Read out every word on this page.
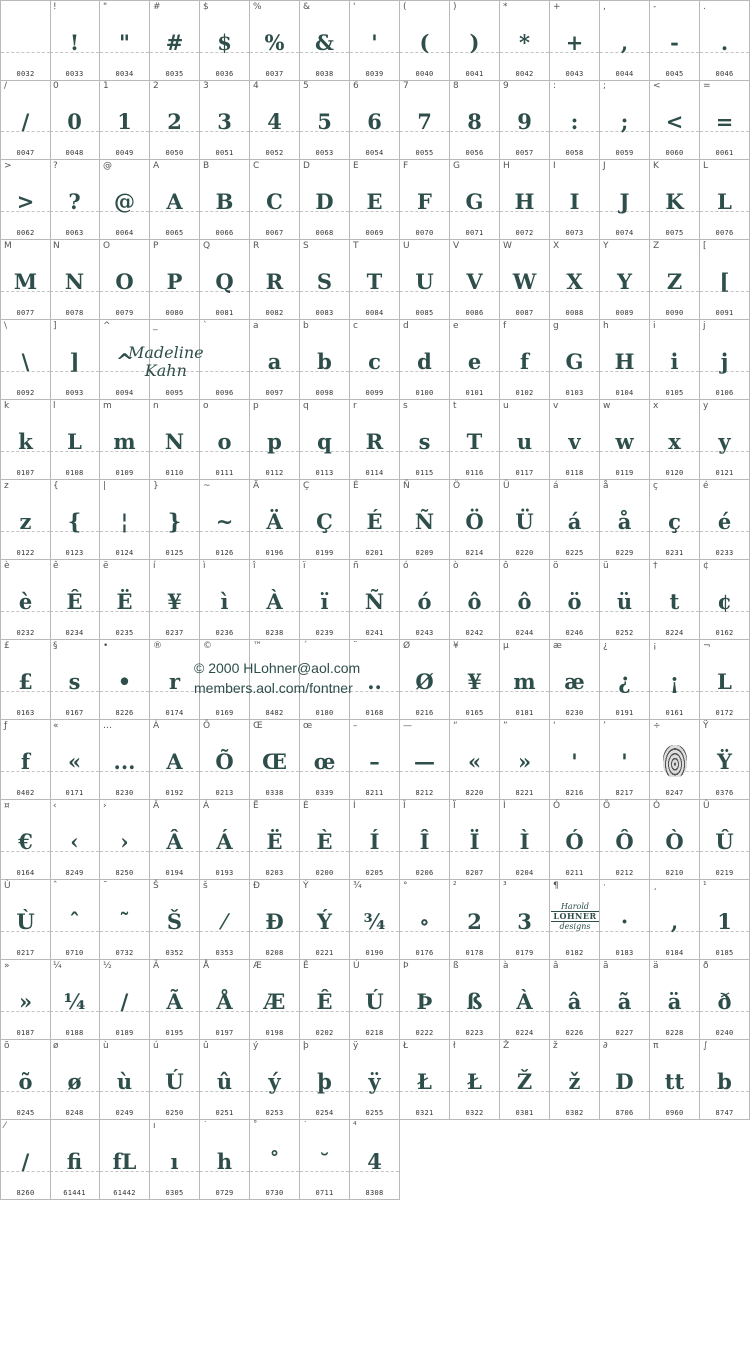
0032
!
!
0033
"
"
0034
#
#
0035
$
$
0036
%
%
0037
&
&
0038
'
'
0039
(
(
0040
)
)
0041
*
*
0042
+
+
0043
,
,
0044
-
-
0045
.
.
0046
/
/
0047
0
0
0048
1
1
0049
2
2
0050
3
3
0051
4
4
0052
5
5
0053
6
6
0054
7
7
0055
8
8
0056
9
9
0057
:
:
0058
;
;
0059
<
<
0060
=
=
0061
>
>
0062
?
?
0063
@
@
0064
A
A
0065
B
B
0066
C
C
0067
D
D
0068
E
E
0069
F
F
0070
G
G
0071
H
H
0072
I
I
0073
J
J
0074
K
K
0075
L
L
0076
M
M
0077
N
N
0078
O
O
0079
P
P
0080
Q
Q
0081
R
R
0082
S
S
0083
T
T
0084
U
U
0085
V
V
0086
W
W
0087
X
X
0088
Y
Y
0089
Z
Z
0090
[
[
0091
\
\
0092
]
]
0093
^
^
0094
_
0095
`
0096
a
a
0097
b
b
0098
c
c
0099
d
d
0100
e
e
0101
f
f
0102
g
G
0103
h
H
0104
i
i
0105
j
j
0106
k
k
0107
l
L
0108
m
m
0109
n
N
0110
o
o
0111
p
p
0112
q
q
0113
r
R
0114
s
s
0115
t
T
0116
u
u
0117
v
v
0118
w
w
0119
x
x
0120
y
y
0121
z
z
0122
{
{
0123
|
¦
0124
}
}
0125
~
~
0126
Ä
Ä
0196
Ç
Ç
0199
É
É
0201
Ñ
Ñ
0209
Ö
Ö
0214
Ü
Ü
0220
á
á
0225
å
å
0229
ç
ç
0231
é
é
0233
è
è
0232
ê
Ê
0234
ë
Ë
0235
í
¥
0237
ì
ì
0236
î
À
0238
ï
ï
0239
ñ
Ñ
0241
ó
ó
0243
ò
ô
0242
ô
ô
0244
ö
ö
0246
ü
ü
0252
†
t
8224
¢
¢
0162
£
£
0163
§
s
0167
•
•
8226
®
r
0174
©
0169
™
8482
´
0180
¨
..
0168
Ø
Ø
0216
¥
¥
0165
µ
m
0181
æ
æ
0230
¿
¿
0191
¡
¡
0161
¬
L
0172
ƒ
f
0402
«
«
0171
…
...
8230
À
A
0192
Õ
Õ
0213
Œ
Œ
0338
œ
œ
0339
–
–
8211
—
—
8212
“
«
8220
”
»
8221
‘
'
8216
’
'
8217
÷
0247
Ÿ
Ÿ
0376
¤
€
0164
‹
‹
8249
›
›
8250
Â
Â
0194
Á
Á
0193
Ë
Ë
0203
È
È
0200
Í
Í
0205
Î
Î
0206
Ï
Ï
0207
Ì
Ì
0204
Ó
Ó
0211
Ô
Ô
0212
Ò
Ò
0210
Û
Û
0219
Ù
Ù
0217
ˆ
ˆ
0710
˜
˜
0732
Š
Š
0352
š
⁄
0353
Ð
Ð
0208
Ý
Ý
0221
¾
¾
0190
°
∘
0176
²
2
0178
³
3
0179
¶
0182
·
·
0183
¸
,
0184
¹
1
0185
»
»
0187
¼
¼
0188
½
/
0189
Ã
Ã
0195
Å
Å
0197
Æ
Æ
0198
Ê
Ê
0202
Ú
Ú
0218
Þ
Þ
0222
ß
ß
0223
à
À
0224
â
â
0226
ã
ã
0227
ä
ä
0228
ð
ð
0240
õ
õ
0245
ø
ø
0248
ù
ù
0249
ú
Ú
0250
û
û
0251
ý
ý
0253
þ
þ
0254
ÿ
ÿ
0255
Ł
Ł
0321
ł
Ł
0322
Ž
Ž
0381
ž
ž
0382
∂
D
8706
π
tt
0960
∫
b
8747
⁄
/
8260
fi
61441
fL
61442
ı
ı
0305
˙
h
0729
˚
˚
0730
˙
˘
0711
⁴
4
8308
Madeline
Kahn
© 2000 HLohner@aol.com
members.aol.com/fontner
Harold
LOHNER
designs
